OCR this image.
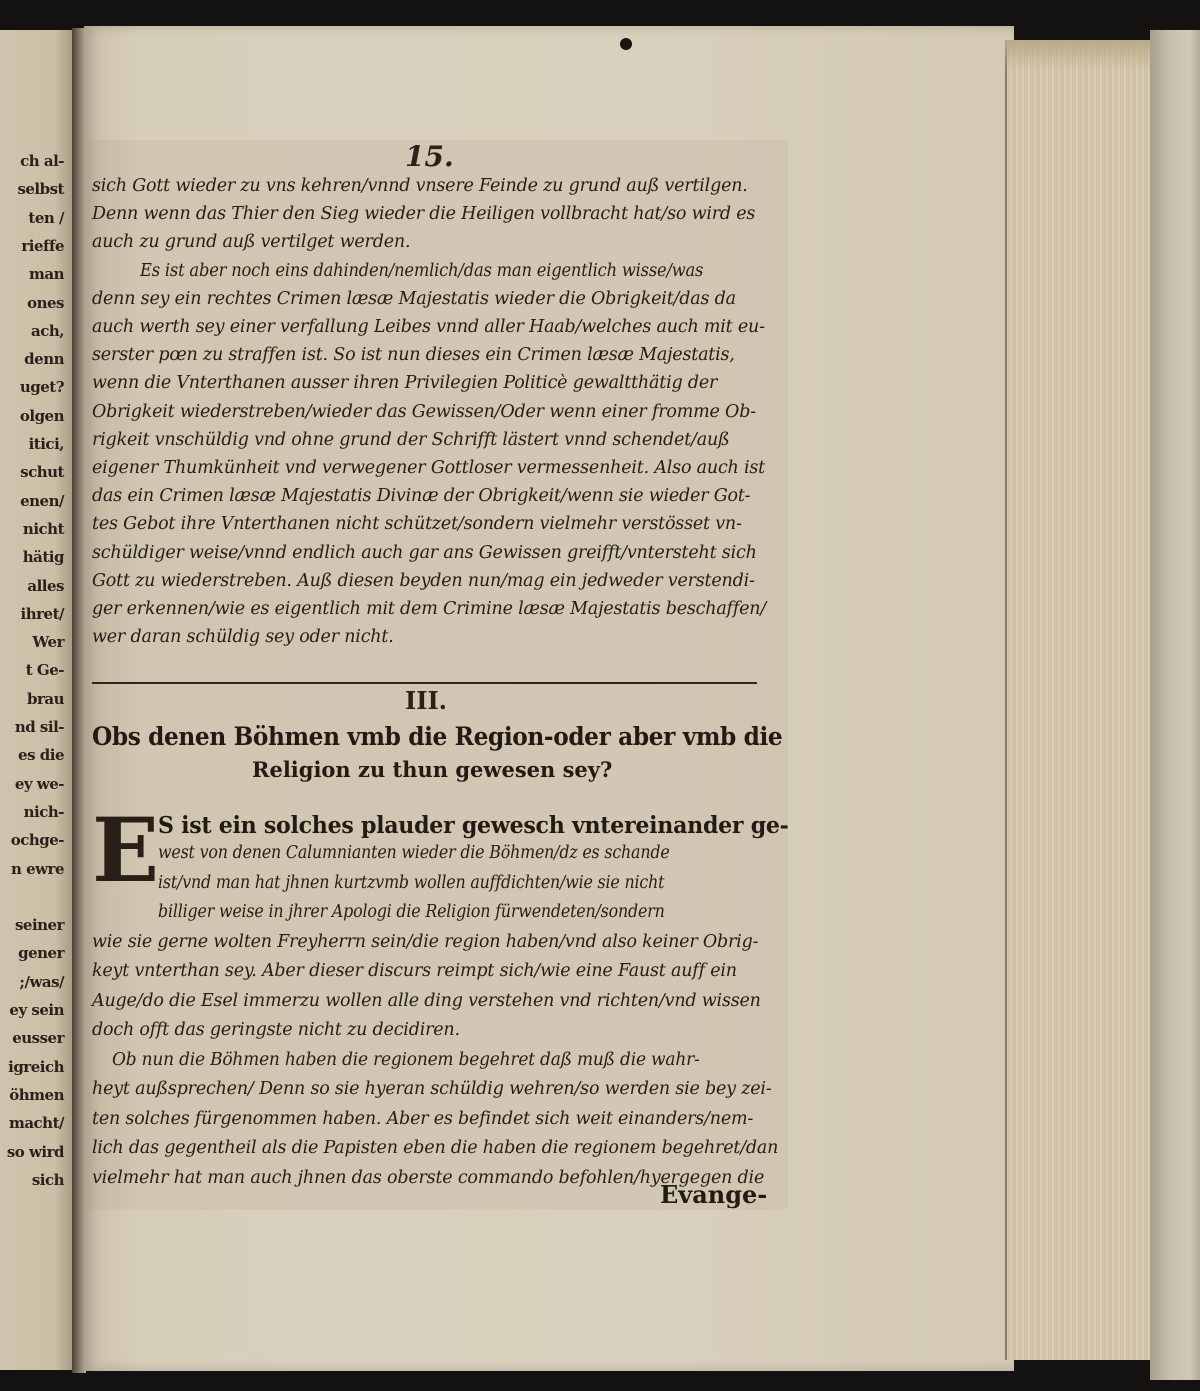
ch al-
selbst
ten /
rieffe
man
ones
ach,
denn
uget?
olgen
itici,
schut
enen/
nicht
hätig
alles
ihret/
Wer
t Ge-
brau
nd sil-
es die
ey we-
nich-
ochge-
n ewre
seiner
gener
;/was/
ey sein
eusser
igreich
öhmen
macht/
so wird
sich
15.
sich Gott wieder zu vns kehren/vnnd vnsere Feinde zu grund auß vertilgen.
Denn wenn das Thier den Sieg wieder die Heiligen vollbracht hat/so wird es
auch zu grund auß vertilget werden.
Es ist aber noch eins dahinden/nemlich/das man eigentlich wisse/was
denn sey ein rechtes Crimen læsæ Majestatis wieder die Obrigkeit/das da
auch werth sey einer verfallung Leibes vnnd aller Haab/welches auch mit eu-
serster pœn zu straffen ist. So ist nun dieses ein Crimen læsæ Majestatis,
wenn die Vnterthanen ausser ihren Privilegien Politicè gewaltthätig der
Obrigkeit wiederstreben/wieder das Gewissen/Oder wenn einer fromme Ob-
rigkeit vnschüldig vnd ohne grund der Schrifft lästert vnnd schendet/auß
eigener Thumkünheit vnd verwegener Gottloser vermessenheit. Also auch ist
das ein Crimen læsæ Majestatis Divinæ der Obrigkeit/wenn sie wieder Got-
tes Gebot ihre Vnterthanen nicht schützet/sondern vielmehr verstösset vn-
schüldiger weise/vnnd endlich auch gar ans Gewissen greifft/vntersteht sich
Gott zu wiederstreben. Auß diesen beyden nun/mag ein jedweder verstendi-
ger erkennen/wie es eigentlich mit dem Crimine læsæ Majestatis beschaffen/
wer daran schüldig sey oder nicht.
III.
Obs denen Böhmen vmb die Region-oder aber vmb die
Religion zu thun gewesen sey?
E
S ist ein solches plauder gewesch vntereinander ge-
west von denen Calumnianten wieder die Böhmen/dz es schande
ist/vnd man hat jhnen kurtzvmb wollen auffdichten/wie sie nicht
billiger weise in jhrer Apologi die Religion fürwendeten/sondern
wie sie gerne wolten Freyherrn sein/die region haben/vnd also keiner Obrig-
keyt vnterthan sey. Aber dieser discurs reimpt sich/wie eine Faust auff ein
Auge/do die Esel immerzu wollen alle ding verstehen vnd richten/vnd wissen
doch offt das geringste nicht zu decidiren.
Ob nun die Böhmen haben die regionem begehret daß muß die wahr-
heyt außsprechen/ Denn so sie hyeran schüldig wehren/so werden sie bey zei-
ten solches fürgenommen haben. Aber es befindet sich weit einanders/nem-
lich das gegentheil als die Papisten eben die haben die regionem begehret/dan
vielmehr hat man auch jhnen das oberste commando befohlen/hyergegen die
Evange-
